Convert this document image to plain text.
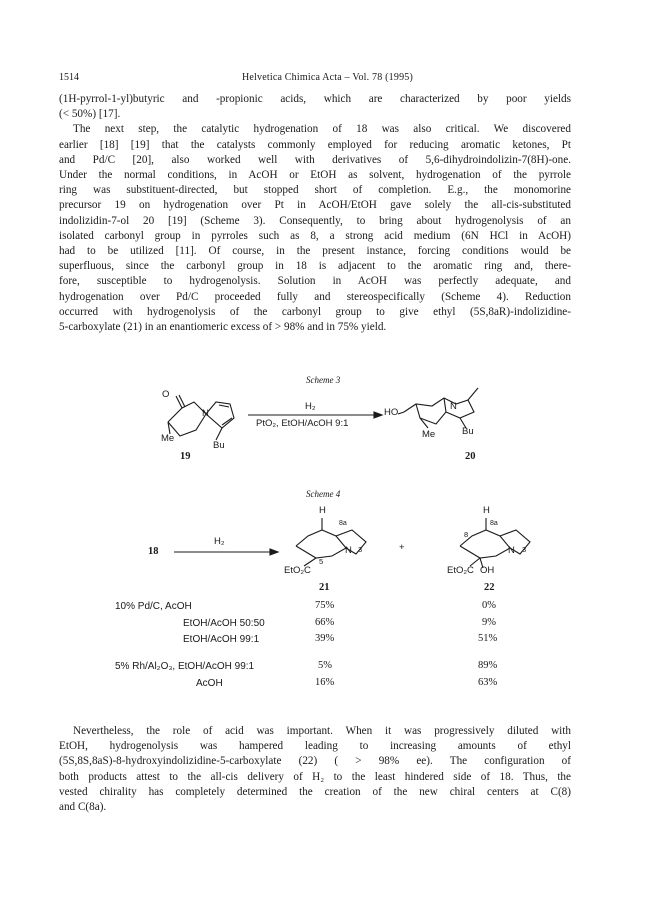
1514	Helvetica Chimica Acta – Vol. 78 (1995)
(1H-pyrrol-1-yl)butyric and -propionic acids, which are characterized by poor yields
(< 50%) [17].
The next step, the catalytic hydrogenation of 18 was also critical. We discovered
earlier [18] [19] that the catalysts commonly employed for reducing aromatic ketones, Pt
and Pd/C [20], also worked well with derivatives of 5,6-dihydroindolizin-7(8H)-one.
Under the normal conditions, in AcOH or EtOH as solvent, hydrogenation of the pyrrole
ring was substituent-directed, but stopped short of completion. E.g., the monomorine
precursor 19 on hydrogenation over Pt in AcOH/EtOH gave solely the all-cis-substituted
indolizidin-7-ol 20 [19] (Scheme 3). Consequently, to bring about hydrogenolysis of an
isolated carbonyl group in pyrroles such as 8, a strong acid medium (6N HCl in AcOH)
had to be utilized [11]. Of course, in the present instance, forcing conditions would be
superfluous, since the carbonyl group in 18 is adjacent to the aromatic ring and, there-
fore, susceptible to hydrogenolysis. Solution in AcOH was perfectly adequate, and
hydrogenation over Pd/C proceeded fully and stereospecifically (Scheme 4). Reduction
occurred with hydrogenolysis of the carbonyl group to give ethyl (5S,8aR)-indolizidine-
5-carboxylate (21) in an enantiomeric excess of > 98% and in 75% yield.
Scheme 3
O
N
Me
Bu
19
H₂
PtO₂, EtOH/AcOH 9:1
HO
N
Me	Bu
20
Scheme 4
18
H₂
+
H
8a
N 3
5
EtO₂C
21
H
8a
8
N 3
EtO₂C OH
22
10% Pd/C, AcOH	75%	0%
EtOH/AcOH 50:50	66%	9%
EtOH/AcOH 99:1	39%	51%
5% Rh/Al₂O₃, EtOH/AcOH 99:1	5%	89%
AcOH	16%	63%
Nevertheless, the role of acid was important. When it was progressively diluted with
EtOH, hydrogenolysis was hampered leading to increasing amounts of ethyl
(5S,8S,8aS)-8-hydroxyindolizidine-5-carboxylate (22) ( > 98% ee). The configuration of
both products attest to the all-cis delivery of H₂ to the least hindered side of 18. Thus, the
vested chirality has completely determined the creation of the new chiral centers at C(8)
and C(8a).
